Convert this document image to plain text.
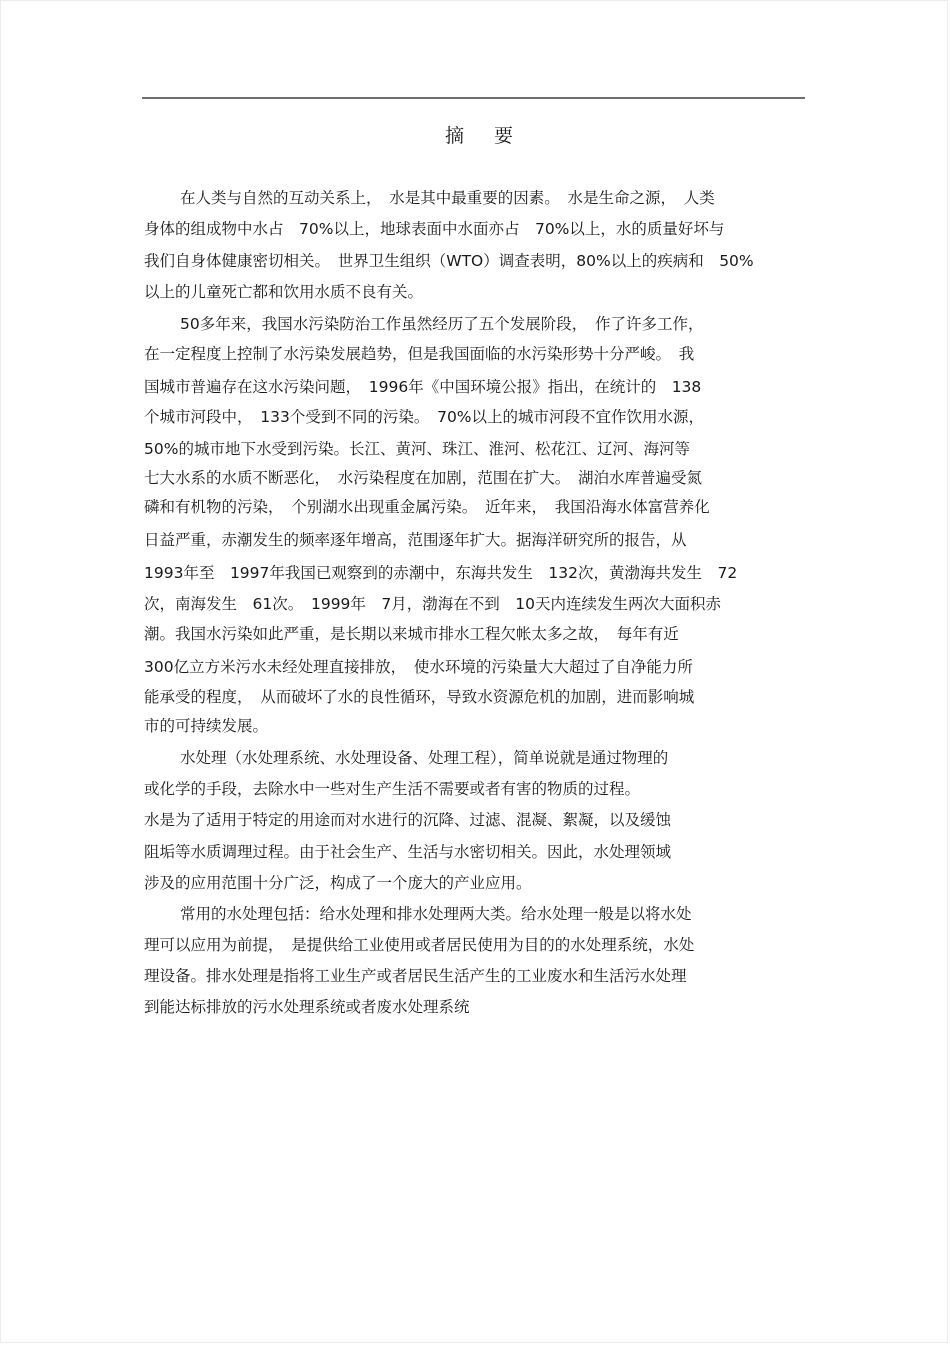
摘 要
在人类与自然的互动关系上，　水是其中最重要的因素。　水是生命之源，　人类
身体的组成物中水占　70%以上，地球表面中水面亦占　70%以上，水的质量好坏与
我们自身体健康密切相关。　世界卫生组织（WTO）调查表明，80%以上的疾病和　50%
以上的儿童死亡都和饮用水质不良有关。
50多年来，我国水污染防治工作虽然经历了五个发展阶段，　作了许多工作，
在一定程度上控制了水污染发展趋势，但是我国面临的水污染形势十分严峻。　我
国城市普遍存在这水污染问题，　1996年《中国环境公报》指出，在统计的　138
个城市河段中，　133个受到不同的污染。　70%以上的城市河段不宜作饮用水源，
50%的城市地下水受到污染。长江、黄河、珠江、淮河、松花江、辽河、海河等
七大水系的水质不断恶化，　水污染程度在加剧，范围在扩大。　湖泊水库普遍受氮
磷和有机物的污染，　个别湖水出现重金属污染。　近年来，　我国沿海水体富营养化
日益严重，赤潮发生的频率逐年增高，范围逐年扩大。据海洋研究所的报告，从
1993年至　1997年我国已观察到的赤潮中，东海共发生　132次，黄渤海共发生　72
次，南海发生　61次。　1999年　7月，渤海在不到　10天内连续发生两次大面积赤
潮。我国水污染如此严重，是长期以来城市排水工程欠帐太多之故，　每年有近
300亿立方米污水未经处理直接排放，　使水环境的污染量大大超过了自净能力所
能承受的程度，　从而破坏了水的良性循环，导致水资源危机的加剧，进而影响城
市的可持续发展。
水处理（水处理系统、水处理设备、处理工程），简单说就是通过物理的
或化学的手段，去除水中一些对生产生活不需要或者有害的物质的过程。
水是为了适用于特定的用途而对水进行的沉降、过滤、混凝、絮凝，以及缓蚀
阻垢等水质调理过程。由于社会生产、生活与水密切相关。因此，水处理领域
涉及的应用范围十分广泛，构成了一个庞大的产业应用。
常用的水处理包括：给水处理和排水处理两大类。给水处理一般是以将水处
理可以应用为前提，　是提供给工业使用或者居民使用为目的的水处理系统，水处
理设备。排水处理是指将工业生产或者居民生活产生的工业废水和生活污水处理
到能达标排放的污水处理系统或者废水处理系统
